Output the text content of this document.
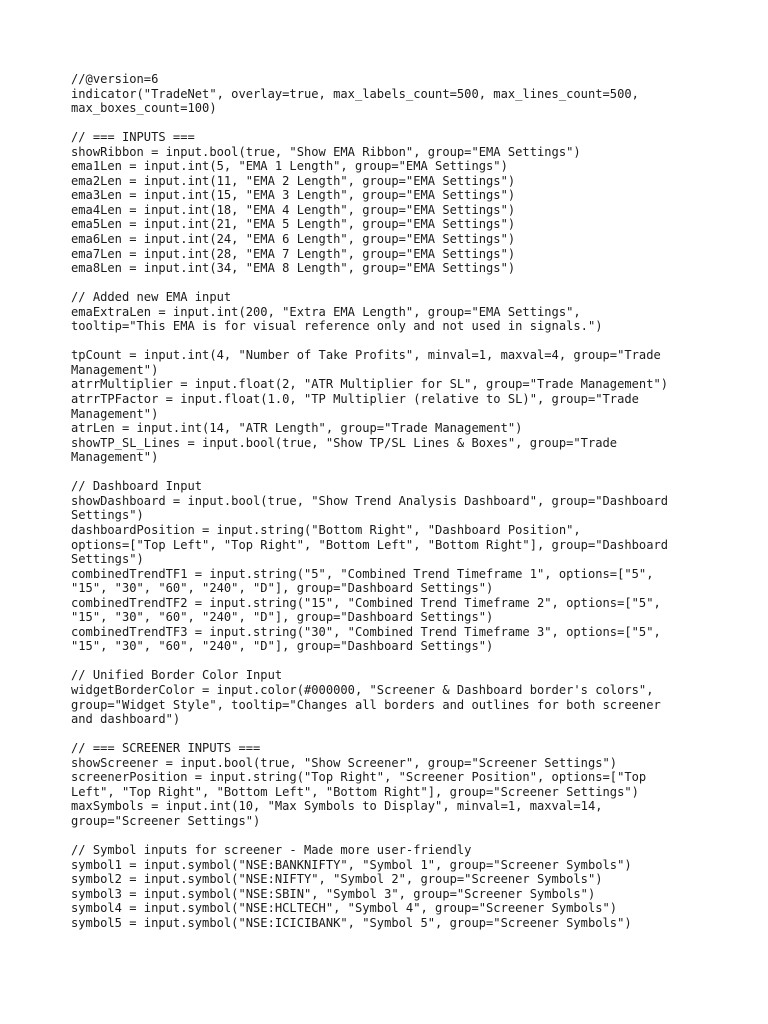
//@version=6
indicator("TradeNet", overlay=true, max_labels_count=500, max_lines_count=500,
max_boxes_count=100)
// === INPUTS ===
showRibbon = input.bool(true, "Show EMA Ribbon", group="EMA Settings")
ema1Len = input.int(5, "EMA 1 Length", group="EMA Settings")
ema2Len = input.int(11, "EMA 2 Length", group="EMA Settings")
ema3Len = input.int(15, "EMA 3 Length", group="EMA Settings")
ema4Len = input.int(18, "EMA 4 Length", group="EMA Settings")
ema5Len = input.int(21, "EMA 5 Length", group="EMA Settings")
ema6Len = input.int(24, "EMA 6 Length", group="EMA Settings")
ema7Len = input.int(28, "EMA 7 Length", group="EMA Settings")
ema8Len = input.int(34, "EMA 8 Length", group="EMA Settings")
// Added new EMA input
emaExtraLen = input.int(200, "Extra EMA Length", group="EMA Settings",
tooltip="This EMA is for visual reference only and not used in signals.")
tpCount = input.int(4, "Number of Take Profits", minval=1, maxval=4, group="Trade
Management")
atrrMultiplier = input.float(2, "ATR Multiplier for SL", group="Trade Management")
atrrTPFactor = input.float(1.0, "TP Multiplier (relative to SL)", group="Trade
Management")
atrLen = input.int(14, "ATR Length", group="Trade Management")
showTP_SL_Lines = input.bool(true, "Show TP/SL Lines & Boxes", group="Trade
Management")
// Dashboard Input
showDashboard = input.bool(true, "Show Trend Analysis Dashboard", group="Dashboard
Settings")
dashboardPosition = input.string("Bottom Right", "Dashboard Position",
options=["Top Left", "Top Right", "Bottom Left", "Bottom Right"], group="Dashboard
Settings")
combinedTrendTF1 = input.string("5", "Combined Trend Timeframe 1", options=["5",
"15", "30", "60", "240", "D"], group="Dashboard Settings")
combinedTrendTF2 = input.string("15", "Combined Trend Timeframe 2", options=["5",
"15", "30", "60", "240", "D"], group="Dashboard Settings")
combinedTrendTF3 = input.string("30", "Combined Trend Timeframe 3", options=["5",
"15", "30", "60", "240", "D"], group="Dashboard Settings")
// Unified Border Color Input
widgetBorderColor = input.color(#000000, "Screener & Dashboard border's colors",
group="Widget Style", tooltip="Changes all borders and outlines for both screener
and dashboard")
// === SCREENER INPUTS ===
showScreener = input.bool(true, "Show Screener", group="Screener Settings")
screenerPosition = input.string("Top Right", "Screener Position", options=["Top
Left", "Top Right", "Bottom Left", "Bottom Right"], group="Screener Settings")
maxSymbols = input.int(10, "Max Symbols to Display", minval=1, maxval=14,
group="Screener Settings")
// Symbol inputs for screener - Made more user-friendly
symbol1 = input.symbol("NSE:BANKNIFTY", "Symbol 1", group="Screener Symbols")
symbol2 = input.symbol("NSE:NIFTY", "Symbol 2", group="Screener Symbols")
symbol3 = input.symbol("NSE:SBIN", "Symbol 3", group="Screener Symbols")
symbol4 = input.symbol("NSE:HCLTECH", "Symbol 4", group="Screener Symbols")
symbol5 = input.symbol("NSE:ICICIBANK", "Symbol 5", group="Screener Symbols")
